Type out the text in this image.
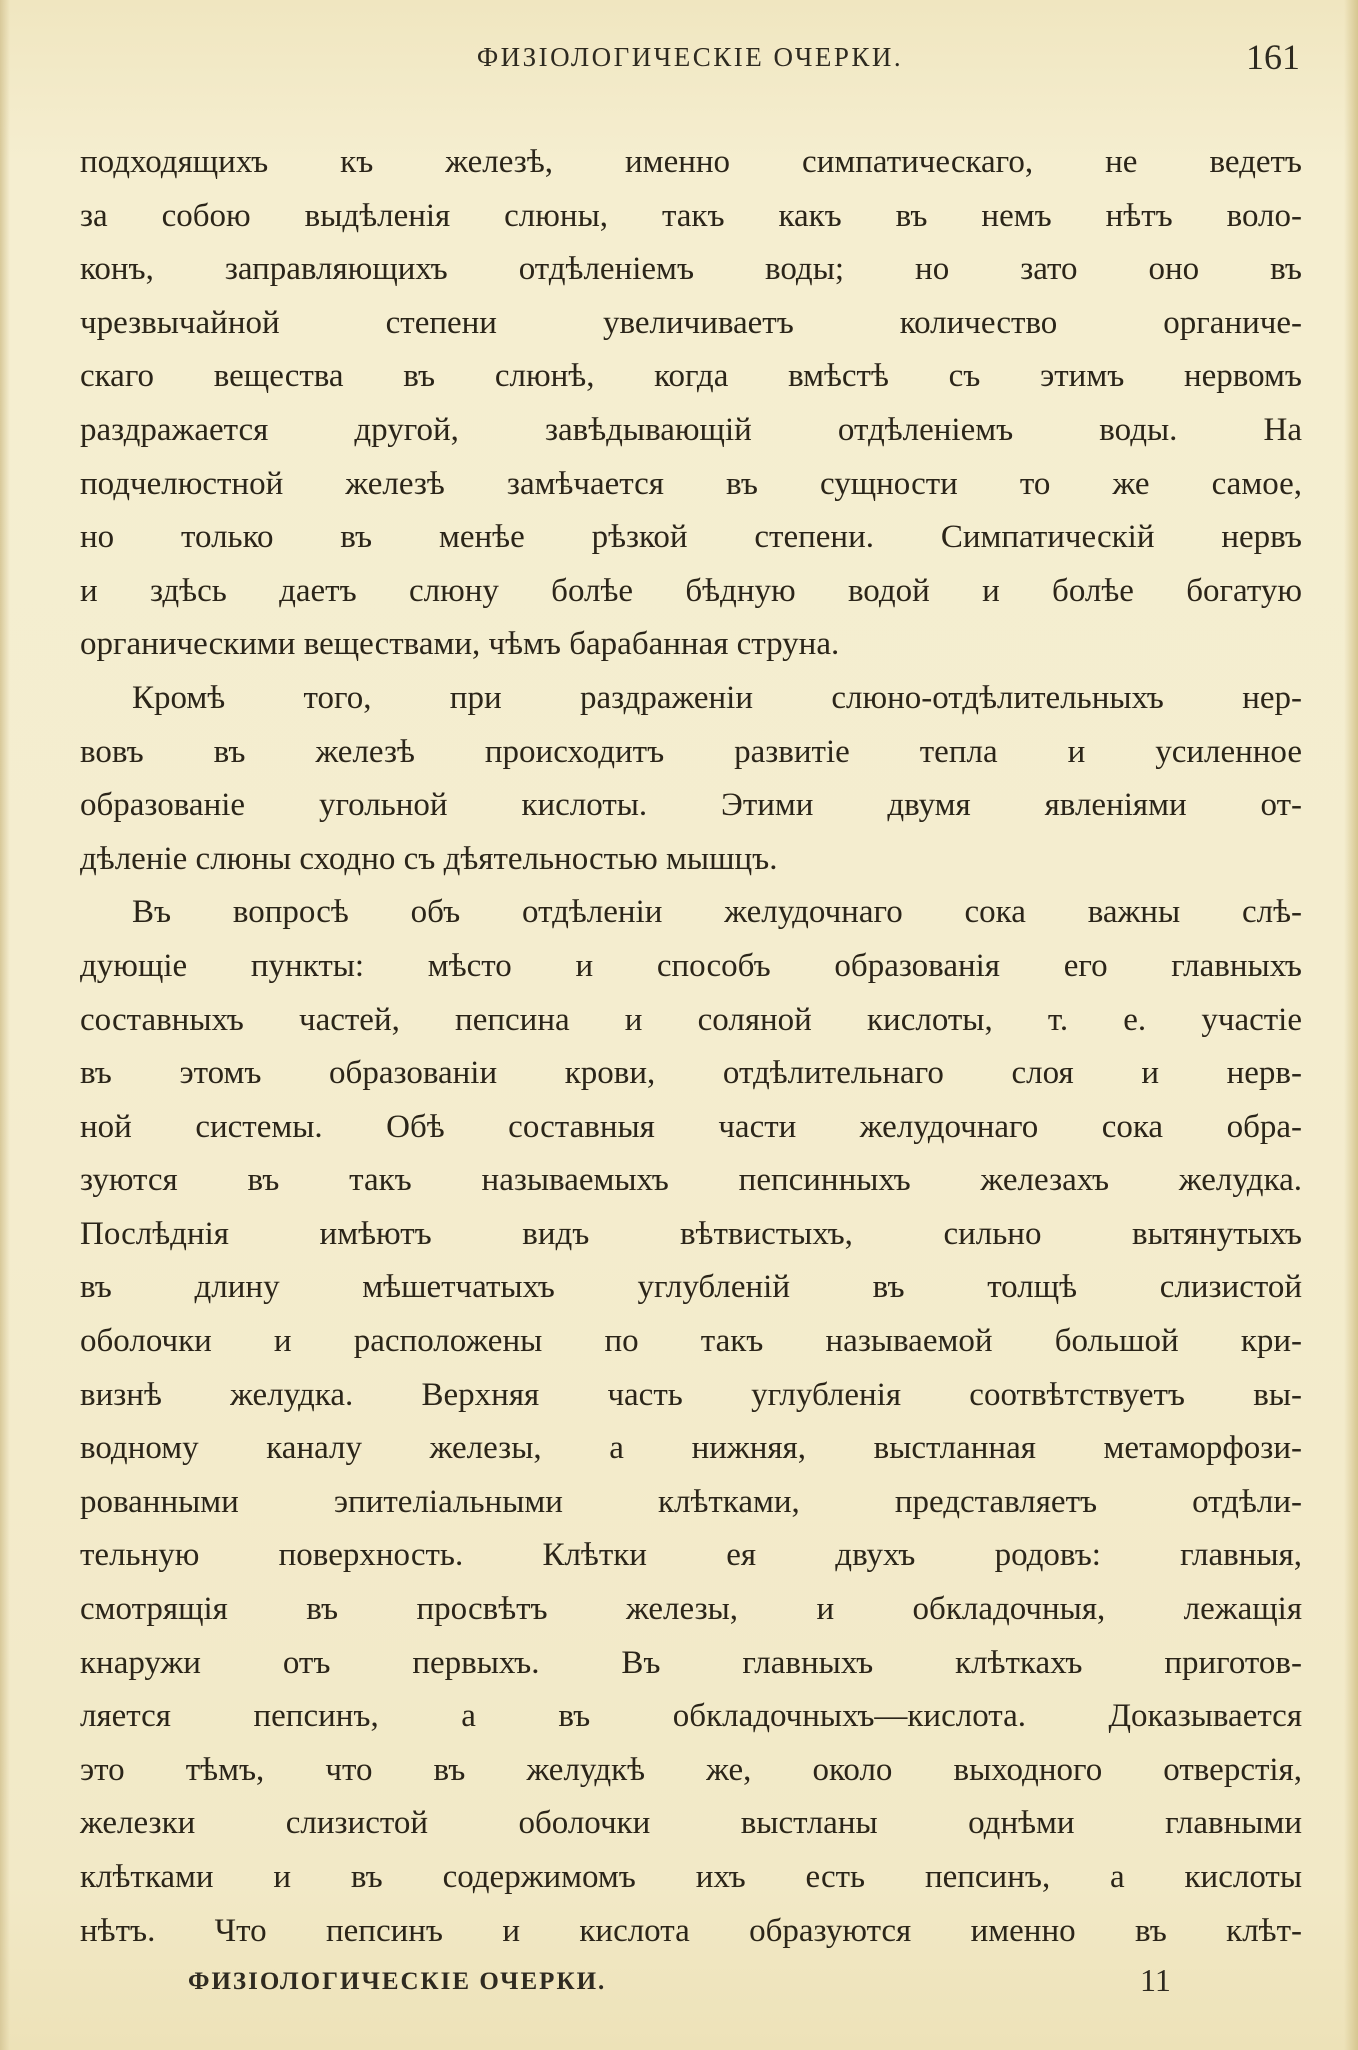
ФИЗІОЛОГИЧЕСКІЕ ОЧЕРКИ.	161
подходящихъ къ железѣ, именно симпатическаго, не ведетъ
за собою выдѣленія слюны, такъ какъ въ немъ нѣтъ воло-
конъ, заправляющихъ отдѣленіемъ воды; но зато оно въ
чрезвычайной степени увеличиваетъ количество органиче-
скаго вещества въ слюнѣ, когда вмѣстѣ съ этимъ нервомъ
раздражается другой, завѣдывающій отдѣленіемъ воды. На
подчелюстной железѣ замѣчается въ сущности то же самое,
но только въ менѣе рѣзкой степени. Симпатическій нервъ
и здѣсь даетъ слюну болѣе бѣдную водой и болѣе богатую
органическими веществами, чѣмъ барабанная струна.
Кромѣ того, при раздраженіи слюно-отдѣлительныхъ нер-
вовъ въ железѣ происходитъ развитіе тепла и усиленное
образованіе угольной кислоты. Этими двумя явленіями от-
дѣленіе слюны сходно съ дѣятельностью мышцъ.
Въ вопросѣ объ отдѣленіи желудочнаго сока важны слѣ-
дующіе пункты: мѣсто и способъ образованія его главныхъ
составныхъ частей, пепсина и соляной кислоты, т. е. участіе
въ этомъ образованіи крови, отдѣлительнаго слоя и нерв-
ной системы. Обѣ составныя части желудочнаго сока обра-
зуются въ такъ называемыхъ пепсинныхъ железахъ желудка.
Послѣднія имѣютъ видъ вѣтвистыхъ, сильно вытянутыхъ
въ длину мѣшетчатыхъ углубленій въ толщѣ слизистой
оболочки и расположены по такъ называемой большой кри-
визнѣ желудка. Верхняя часть углубленія соотвѣтствуетъ вы-
водному каналу железы, а нижняя, выстланная метаморфози-
рованными эпителіальными клѣтками, представляетъ отдѣли-
тельную поверхность. Клѣтки ея двухъ родовъ: главныя,
смотрящія въ просвѣтъ железы, и обкладочныя, лежащія
кнаружи отъ первыхъ. Въ главныхъ клѣткахъ приготов-
ляется пепсинъ, а въ обкладочныхъ—кислота. Доказывается
это тѣмъ, что въ желудкѣ же, около выходного отверстія,
железки слизистой оболочки выстланы однѣми главными
клѣтками и въ содержимомъ ихъ есть пепсинъ, а кислоты
нѣтъ. Что пепсинъ и кислота образуются именно въ клѣт-
ФИЗІОЛОГИЧЕСКІЕ ОЧЕРКИ.	11
